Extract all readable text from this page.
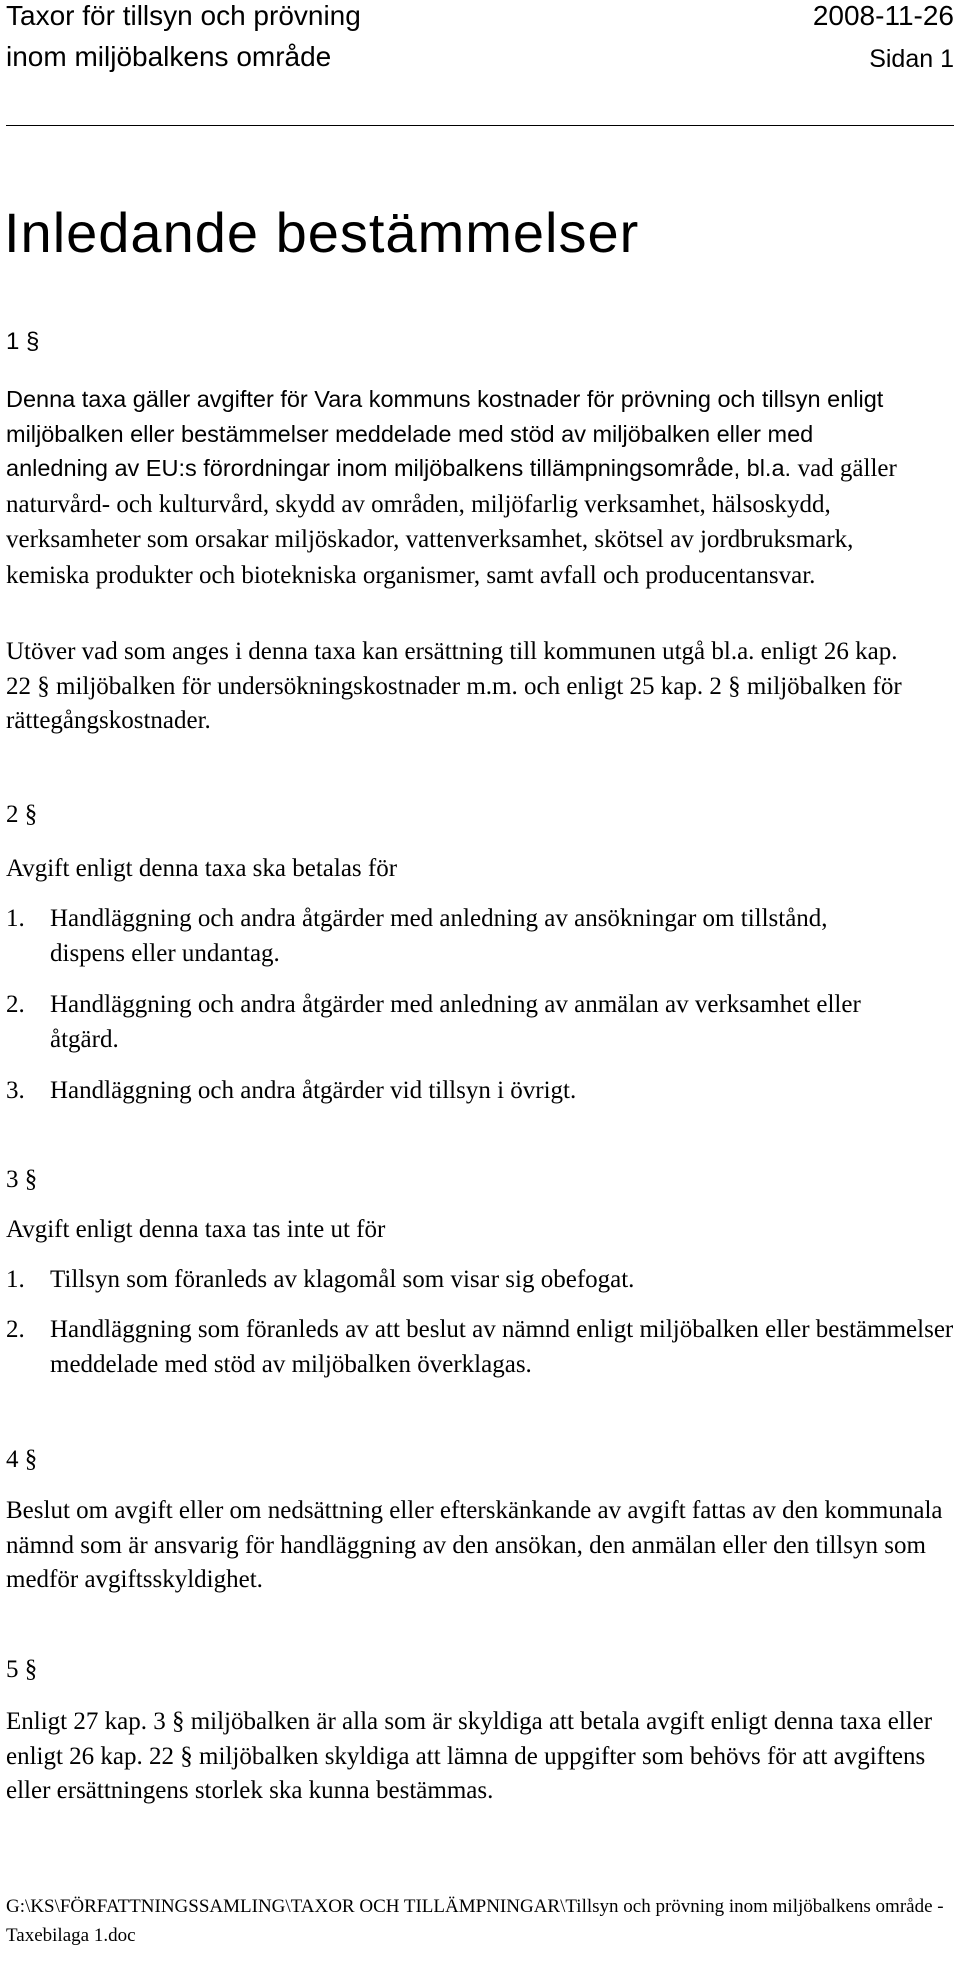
Taxor för tillsyn och prövning	2008-11-26
inom miljöbalkens område	Sidan 1
Inledande bestämmelser
1 §
Denna taxa gäller avgifter för Vara kommuns kostnader för prövning och tillsyn enligt miljöbalken eller bestämmelser meddelade med stöd av miljöbalken eller med anledning av EU:s förordningar inom miljöbalkens tillämpningsområde, bl.a. vad gäller naturvård- och kulturvård, skydd av områden, miljöfarlig verksamhet, hälsoskydd, verksamheter som orsakar miljöskador, vattenverksamhet, skötsel av jordbruksmark, kemiska produkter och biotekniska organismer, samt avfall och producentansvar.
Utöver vad som anges i denna taxa kan ersättning till kommunen utgå bl.a. enligt 26 kap. 22 § miljöbalken för undersökningskostnader m.m. och enligt 25 kap. 2 § miljöbalken för rättegångskostnader.
2 §
Avgift enligt denna taxa ska betalas för
1. Handläggning och andra åtgärder med anledning av ansökningar om tillstånd, dispens eller undantag.
2. Handläggning och andra åtgärder med anledning av anmälan av verksamhet eller åtgärd.
3. Handläggning och andra åtgärder vid tillsyn i övrigt.
3 §
Avgift enligt denna taxa tas inte ut för
1. Tillsyn som föranleds av klagomål som visar sig obefogat.
2. Handläggning som föranleds av att beslut av nämnd enligt miljöbalken eller bestämmelser meddelade med stöd av miljöbalken överklagas.
4 §
Beslut om avgift eller om nedsättning eller efterskänkande av avgift fattas av den kommunala nämnd som är ansvarig för handläggning av den ansökan, den anmälan eller den tillsyn som medför avgiftsskyldighet.
5 §
Enligt 27 kap. 3 § miljöbalken är alla som är skyldiga att betala avgift enligt denna taxa eller enligt 26 kap. 22 § miljöbalken skyldiga att lämna de uppgifter som behövs för att avgiftens eller ersättningens storlek ska kunna bestämmas.
G:\KS\FÖRFATTNINGSSAMLING\TAXOR OCH TILLÄMPNINGAR\Tillsyn och prövning inom miljöbalkens område - Taxebilaga 1.doc
